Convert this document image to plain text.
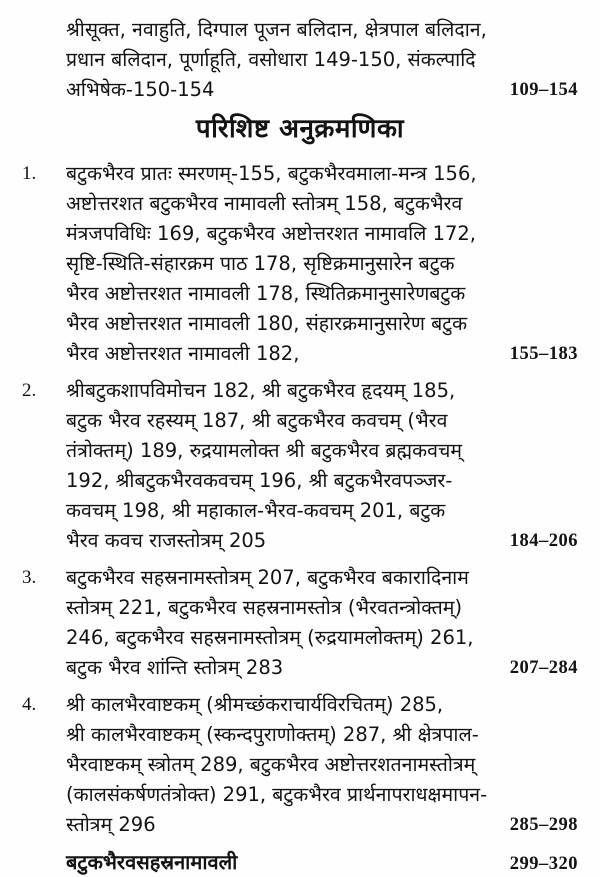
श्रीसूक्त, नवाहुति, दिग्पाल पूजन बलिदान, क्षेत्रपाल बलिदान,
प्रधान बलिदान, पूर्णाहूति, वसोधारा 149-150, संकल्पादि
अभिषेक-150-154	109–154
परिशिष्ट अनुक्रमणिका
1.	बटुकभैरव प्रातः स्मरणम्-155, बटुकभैरवमाला-मन्त्र 156,
अष्टोत्तरशत बटुकभैरव नामावली स्तोत्रम् 158, बटुकभैरव
मंत्रजपविधिः 169, बटुकभैरव अष्टोत्तरशत नामावलि 172,
सृष्टि-स्थिति-संहारक्रम पाठ 178, सृष्टिक्रमानुसारेन बटुक
भैरव अष्टोत्तरशत नामावली 178, स्थितिक्रमानुसारेणबटुक
भैरव अष्टोत्तरशत नामावली 180, संहारक्रमानुसारेण बटुक
भैरव अष्टोत्तरशत नामावली 182,	155–183
2.	श्रीबटुकशापविमोचन 182, श्री बटुकभैरव हृदयम् 185,
बटुक भैरव रहस्यम् 187, श्री बटुकभैरव कवचम् (भैरव
तंत्रोक्तम्) 189, रुद्रयामलोक्त श्री बटुकभैरव ब्रह्मकवचम्
192, श्रीबटुकभैरवकवचम् 196, श्री बटुकभैरवपञ्जर-
कवचम् 198, श्री महाकाल-भैरव-कवचम् 201, बटुक
भैरव कवच राजस्तोत्रम् 205	184–206
3.	बटुकभैरव सहस्रनामस्तोत्रम् 207, बटुकभैरव बकारादिनाम
स्तोत्रम् 221, बटुकभैरव सहस्रनामस्तोत्र (भैरवतन्त्रोक्तम्)
246, बटुकभैरव सहस्रनामस्तोत्रम् (रुद्रयामलोक्तम्) 261,
बटुक भैरव शांन्ति स्तोत्रम् 283	207–284
4.	श्री कालभैरवाष्टकम् (श्रीमच्छंकराचार्यविरचितम्) 285,
श्री कालभैरवाष्टकम् (स्कन्दपुराणोक्तम्) 287, श्री क्षेत्रपाल-
भैरवाष्टकम् स्त्रोतम् 289, बटुकभैरव अष्टोत्तरशतनामस्तोत्रम्
(कालसंकर्षणतंत्रोक्त) 291, बटुकभैरव प्रार्थनापराधक्षमापन-
स्तोत्रम् 296	285–298
बटुकभैरवसहस्रनामावली	299–320
